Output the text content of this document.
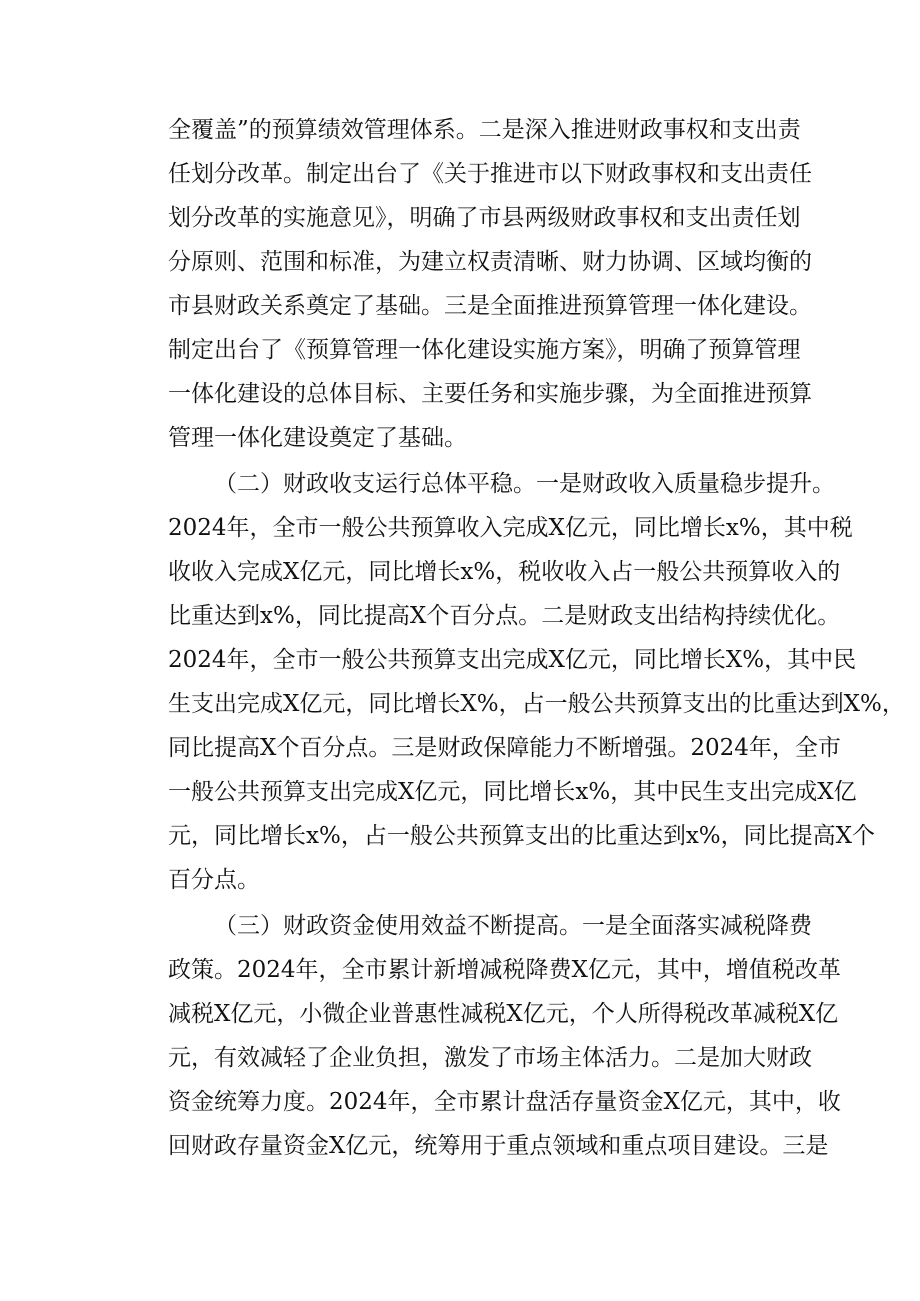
全覆盖”的预算绩效管理体系。二是深入推进财政事权和支出责
任划分改革。制定出台了《关于推进市以下财政事权和支出责任
划分改革的实施意见》，明确了市县两级财政事权和支出责任划
分原则、范围和标准，为建立权责清晰、财力协调、区域均衡的
市县财政关系奠定了基础。三是全面推进预算管理一体化建设。
制定出台了《预算管理一体化建设实施方案》，明确了预算管理
一体化建设的总体目标、主要任务和实施步骤，为全面推进预算
管理一体化建设奠定了基础。
（二）财政收支运行总体平稳。一是财政收入质量稳步提升。
2024年，全市一般公共预算收入完成X亿元，同比增长x%，其中税
收收入完成X亿元，同比增长x%，税收收入占一般公共预算收入的
比重达到x%，同比提高X个百分点。二是财政支出结构持续优化。
2024年，全市一般公共预算支出完成X亿元，同比增长X%，其中民
生支出完成X亿元，同比增长X%，占一般公共预算支出的比重达到X%，
同比提高X个百分点。三是财政保障能力不断增强。2024年，全市
一般公共预算支出完成X亿元，同比增长x%，其中民生支出完成X亿
元，同比增长x%，占一般公共预算支出的比重达到x%，同比提高X个
百分点。
（三）财政资金使用效益不断提高。一是全面落实减税降费
政策。2024年，全市累计新增减税降费X亿元，其中，增值税改革
减税X亿元，小微企业普惠性减税X亿元，个人所得税改革减税X亿
元，有效减轻了企业负担，激发了市场主体活力。二是加大财政
资金统筹力度。2024年，全市累计盘活存量资金X亿元，其中，收
回财政存量资金X亿元，统筹用于重点领域和重点项目建设。三是
